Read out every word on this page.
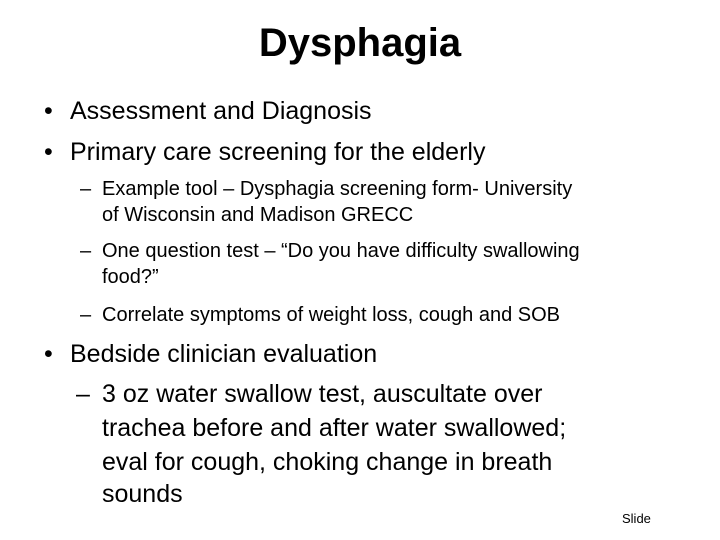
Dysphagia
• Assessment and Diagnosis
• Primary care screening for the elderly
– Example tool – Dysphagia screening form- University
of Wisconsin and Madison GRECC
– One question test – “Do you have difficulty swallowing
food?”
– Correlate symptoms of weight loss, cough and SOB
• Bedside clinician evaluation
– 3 oz water swallow test, auscultate over
trachea before and after water swallowed;
eval for cough, choking change in breath
sounds
Slide
